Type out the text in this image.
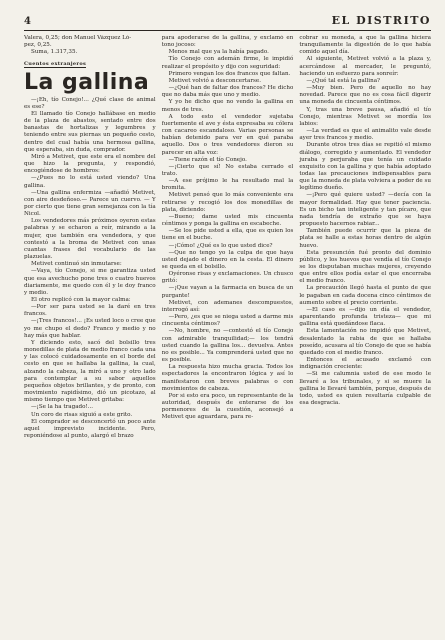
4	EL DISTRITO

Valera, 0,25; don Manuel Vázquez Ló-

pez, 0,25.

Suma, 1.317,35.

Cuentos extranjeros
La gallina

—¡Eh, tío Conejo!... ¿Qué clase de animal es ese?

El llamado tío Conejo hallábase en medio de la plaza de abastos, sentado entre dos banastas de hortalizas y legumbres y teniendo entre sus piernas un pequeño cesto, dentro del cual había una hermosa gallina, que esperaba, sin duda, comprador.

Miró a Metivet, que este era el nombre del que hizo la pregunta, y respondió, encogiéndose de hombros:

—¿Pues no lo está usted viendo? Una gallina.

—Una gallina enfermiza —añadió Metivet, con aire desdeñoso.— Parece un cuervo. — Y por cierto que tiene gran semejanza con la tía Nicol.

Los vendedores más próximos oyeron estas palabras y se echaron a reír, mirando a la mujer, que también era vendedora, y que contestó a la broma de Metivet con unas cuantas frases del vocabulario de las plazuelas.

Metivet continuó sin inmutarse:

—Vaya, tío Conejo, si me garantiza usted que esa avechucho pone tres o cuatro huevos diariamente, me quedo con él y le doy franco y medio.

El otro replicó con la mayor calma:

—Por ser para usted se la daré en tres francos.

—¡Tres francos!... ¡Es usted loco o cree que yo me chupo el dedo? Franco y medio y no hay más que hablar.

Y diciendo esto, sacó del bolsillo tres monedillas de plata de medio franco cada una y las colocó cuidadosamente en el borde del cesto en que se hallaba la gallina, la cual, alzando la cabeza, la miró a uno y otro lado para contemplar a su sabor aquellos pequeños objetos brillantes, y de pronto, con movimiento rapidísimo, dió un picotazo, al mismo tiempo que Metivet gritaba:

—¡Se la ha tragado!...

Un coro de risas siguió a este grito.

El comprador se desconcertó un poco ante aquel imprevisto incidente. Pero, reponiéndose al punto, alargó el brazo

para apoderarse de la gallina, y exclamó en tono jocoso:

Menos mal que ya la había pagado.

Tío Conejo con ademán firme, le impidió realizar el propósito y dijo con seguridad:

Primero vengan los dos francos que faltan.

Metivet volvió a desconcertarse.

—¿Qué han de faltar dos francos? He dicho que no daba más que uno y medio.

Y yo he dicho que no vendo la gallina en menos de tres.

A todo esto el vendedor sujetaba fuertemente el ave y ésta expresaba su cólera con cacareo escandaloso. Varias personas se habían detenido para ver en qué paraba aquello. Dos o tres vendedores dieron su parecer en alta voz:

—Tiene razón el tío Conejo.

—¡Cierto que sí! No estaba cerrado el trato.

—A ese prójimo le ha resultado mal la bromita.

Metivet pensó que lo más conveniente era retirarse y recogió los dos monedillas de plata, diciendo:

—Bueno; dame usted mis cincuenta céntimos y ponga la gallina en escabeche.

—Se los pide usted a ella, que es quien los tiene en el buche.

—¡Cómo! ¿Qué es lo que usted dice?

—Que no tengo yo la culpa de que haya usted dejado el dinero en la cesta. El dinero se queda en el bolsillo.

Oyéronse risas y exclamaciones. Un chusco gritó:

—¡Que vayan a la farmacia en busca de un purgante!

Metivet, con ademanes descompuestos, interrogó así:

—Pero, ¿es que se niega usted a darme mis cincuenta céntimos?

—No, hombre, no —contestó el tío Conejo con admirable tranquilidad;— los tendrá usted cuando la gallina los... devuelva. Antes no es posible... Ya comprenderá usted que no es posible.

La respuesta hizo mucha gracia. Todos los espectadores la encontraron lógica y así lo manifestaron con breves palabras o con movimientos de cabeza.

Por si esto era poco, un representante de la autoridad, después de enterarse de los pormenores de la cuestión, aconsejó a Metivet que aguardara, para re-

cobrar su moneda, a que la gallina hiciera tranquilamente la digestión de lo que había comido aquel día.

Al siguiente, Metivet volvió a la plaza y, acercándose al mercader, le preguntó, haciendo un esfuerzo para sonreír:

—¿Qué tal está la gallina?

—Muy bien. Pero de aquello no hay novedad. Parece que no es cosa fácil digerir una moneda de cincuenta céntimos.

Y, tras una breve pausa, añadió el tío Conejo, mientras Metivet se mordía los labios:

—La verdad es que el animalito vale desde ayer tres francos y medio.

Durante otros tres días se repitió el mismo diálogo, corregido y aumentado. El vendedor juraba y perjuraba que tenía un cuidado exquisito con la gallina y que había adoptado todas las precauciones indispensables para que la moneda de plata volviera a poder de su legítimo dueño.

—¡Pero qué quiere usted? —decía con la mayor formalidad. Hay que tener paciencia. Es un bicho tan inteligente y tan pícaro, que nada tendría de extraño que se haya propuesto hacernos rabiar...

También puede ocurrir que la pieza de plata se halle a estas horas dentro de algún huevo.

Esta presunción fué pronto del dominio público, y los huevos que vendía el tío Conejo se los disputaban muchas mujeres, creyendo que entre ellos podía estar el que encerraba el medio franco.

La precaución llegó hasta el punto de que le pagaban en cada docena cinco céntimos de aumento sobre el precio corriente.

—El caso es —dijo un día el vendedor, aparentando profunda tristeza— que mi gallina está quedándose flaca.

Esta lamentación no impidió que Metivet, desalentado la rabia de que se hallaba poseído, acusara al tío Conejo de que se había quedado con el medio franco.

Entonces el acusado exclamó con indignación creciente:

—Si me calumnia usted de ese modo le llevaré a los tribunales, y si se muere la gallina le llevaré también, porque, después de todo, usted es quien resultaría culpable de esa desgracia.
